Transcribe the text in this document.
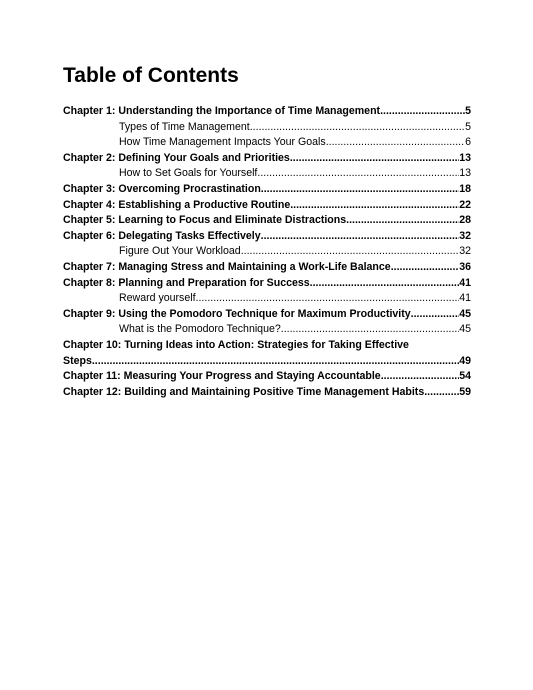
Table of Contents
Chapter 1: Understanding the Importance of Time Management .....	5
Types of Time Management .....	5
How Time Management Impacts Your Goals .....	6
Chapter 2: Defining Your Goals and Priorities .....	13
How to Set Goals for Yourself .....	13
Chapter 3: Overcoming Procrastination .....	18
Chapter 4: Establishing a Productive Routine .....	22
Chapter 5: Learning to Focus and Eliminate Distractions .....	28
Chapter 6: Delegating Tasks Effectively .....	32
Figure Out Your Workload .....	32
Chapter 7: Managing Stress and Maintaining a Work-Life Balance .....	36
Chapter 8: Planning and Preparation for Success .....	41
Reward yourself .....	41
Chapter 9: Using the Pomodoro Technique for Maximum Productivity .....	45
What is the Pomodoro Technique? .....	45
Chapter 10: Turning Ideas into Action: Strategies for Taking Effective
Steps .....	49
Chapter 11: Measuring Your Progress and Staying Accountable .....	54
Chapter 12: Building and Maintaining Positive Time Management Habits .....	59
